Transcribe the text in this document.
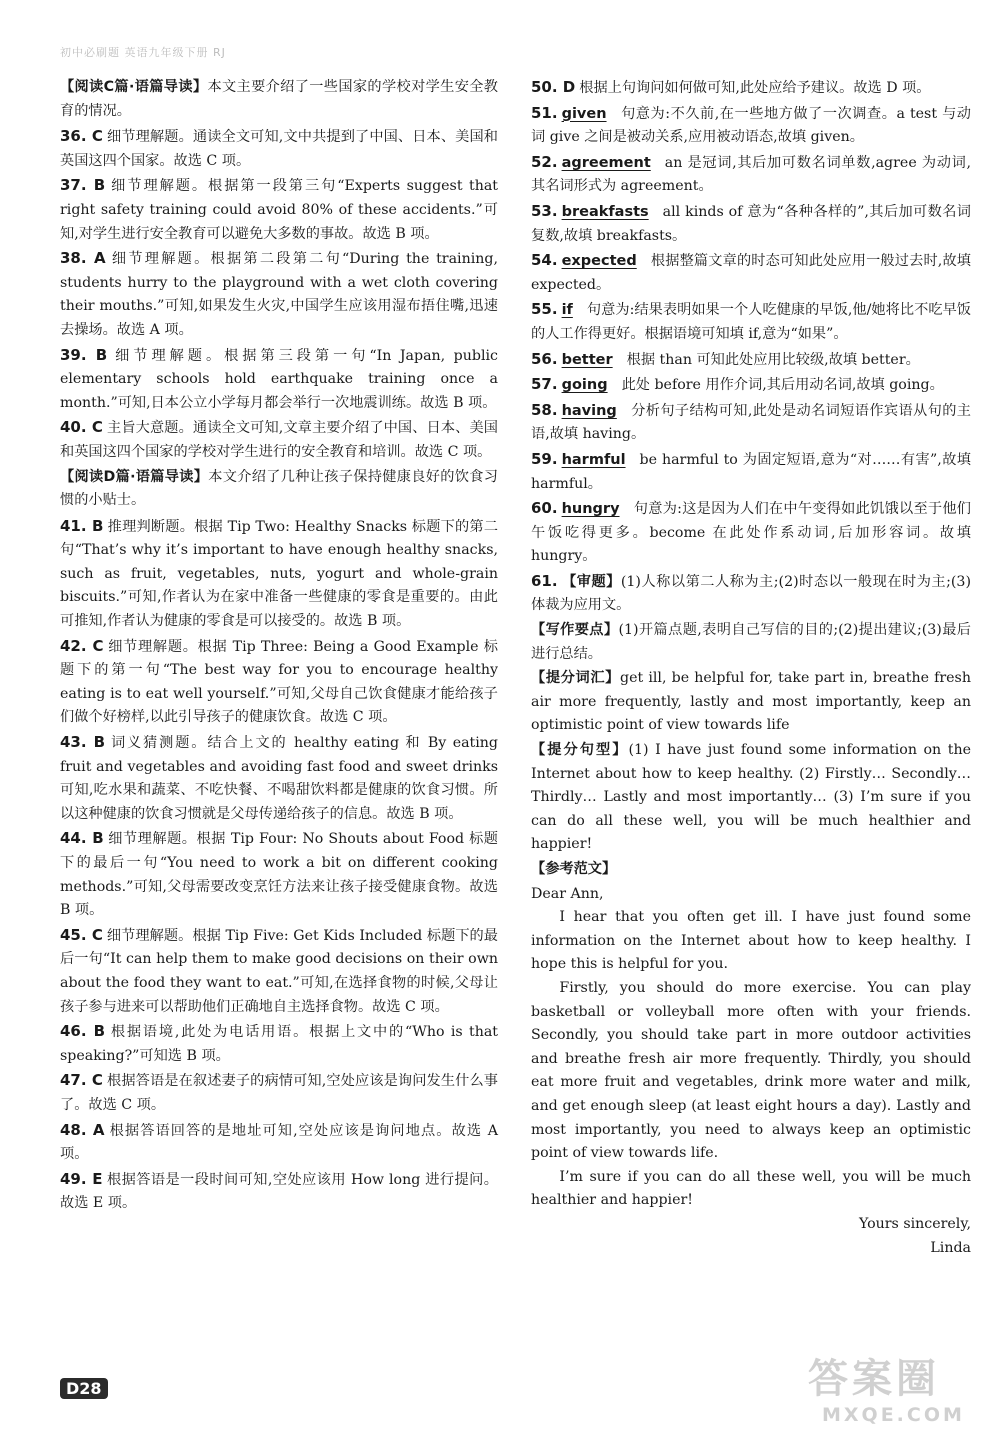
初中必刷题 英语九年级下册 RJ
【阅读C篇·语篇导读】本文主要介绍了一些国家的学校对学生安全教育的情况。
36. C 细节理解题。通读全文可知,文中共提到了中国、日本、美国和英国这四个国家。故选 C 项。
37. B 细节理解题。根据第一段第三句“Experts suggest that right safety training could avoid 80% of these accidents.”可知,对学生进行安全教育可以避免大多数的事故。故选 B 项。
38. A 细节理解题。根据第二段第二句“During the training, students hurry to the playground with a wet cloth covering their mouths.”可知,如果发生火灾,中国学生应该用湿布捂住嘴,迅速去操场。故选 A 项。
39. B 细节理解题。根据第三段第一句“In Japan, public elementary schools hold earthquake training once a month.”可知,日本公立小学每月都会举行一次地震训练。故选 B 项。
40. C 主旨大意题。通读全文可知,文章主要介绍了中国、日本、美国和英国这四个国家的学校对学生进行的安全教育和培训。故选 C 项。
【阅读D篇·语篇导读】本文介绍了几种让孩子保持健康良好的饮食习惯的小贴士。
41. B 推理判断题。根据 Tip Two: Healthy Snacks 标题下的第二句“That’s why it’s important to have enough healthy snacks, such as fruit, vegetables, nuts, yogurt and whole-grain biscuits.”可知,作者认为在家中准备一些健康的零食是重要的。由此可推知,作者认为健康的零食是可以接受的。故选 B 项。
42. C 细节理解题。根据 Tip Three: Being a Good Example 标题下的第一句“The best way for you to encourage healthy eating is to eat well yourself.”可知,父母自己饮食健康才能给孩子们做个好榜样,以此引导孩子的健康饮食。故选 C 项。
43. B 词义猜测题。结合上文的 healthy eating 和 By eating fruit and vegetables and avoiding fast food and sweet drinks 可知,吃水果和蔬菜、不吃快餐、不喝甜饮料都是健康的饮食习惯。所以这种健康的饮食习惯就是父母传递给孩子的信息。故选 B 项。
44. B 细节理解题。根据 Tip Four: No Shouts about Food 标题下的最后一句“You need to work a bit on different cooking methods.”可知,父母需要改变烹饪方法来让孩子接受健康食物。故选 B 项。
45. C 细节理解题。根据 Tip Five: Get Kids Included 标题下的最后一句“It can help them to make good decisions on their own about the food they want to eat.”可知,在选择食物的时候,父母让孩子参与进来可以帮助他们正确地自主选择食物。故选 C 项。
46. B 根据语境,此处为电话用语。根据上文中的“Who is that speaking?”可知选 B 项。
47. C 根据答语是在叙述妻子的病情可知,空处应该是询问发生什么事了。故选 C 项。
48. A 根据答语回答的是地址可知,空处应该是询问地点。故选 A 项。
49. E 根据答语是一段时间可知,空处应该用 How long 进行提问。故选 E 项。
50. D 根据上句询问如何做可知,此处应给予建议。故选 D 项。
51. given 句意为:不久前,在一些地方做了一次调查。a test 与动词 give 之间是被动关系,应用被动语态,故填 given。
52. agreement an 是冠词,其后加可数名词单数,agree 为动词,其名词形式为 agreement。
53. breakfasts all kinds of 意为“各种各样的”,其后加可数名词复数,故填 breakfasts。
54. expected 根据整篇文章的时态可知此处应用一般过去时,故填 expected。
55. if 句意为:结果表明如果一个人吃健康的早饭,他/她将比不吃早饭的人工作得更好。根据语境可知填 if,意为“如果”。
56. better 根据 than 可知此处应用比较级,故填 better。
57. going 此处 before 用作介词,其后用动名词,故填 going。
58. having 分析句子结构可知,此处是动名词短语作宾语从句的主语,故填 having。
59. harmful be harmful to 为固定短语,意为“对……有害”,故填 harmful。
60. hungry 句意为:这是因为人们在中午变得如此饥饿以至于他们午饭吃得更多。become 在此处作系动词,后加形容词。故填 hungry。
61. 【审题】(1)人称以第二人称为主;(2)时态以一般现在时为主;(3)体裁为应用文。
【写作要点】(1)开篇点题,表明自己写信的目的;(2)提出建议;(3)最后进行总结。
【提分词汇】get ill, be helpful for, take part in, breathe fresh air more frequently, lastly and most importantly, keep an optimistic point of view towards life
【提分句型】(1) I have just found some information on the Internet about how to keep healthy. (2) Firstly… Secondly… Thirdly… Lastly and most importantly… (3) I’m sure if you can do all these well, you will be much healthier and happier!
【参考范文】

Dear Ann,

I hear that you often get ill. I have just found some information on the Internet about how to keep healthy. I hope this is helpful for you.

Firstly, you should do more exercise. You can play basketball or volleyball more often with your friends. Secondly, you should take part in more outdoor activities and breathe fresh air more frequently. Thirdly, you should eat more fruit and vegetables, drink more water and milk, and get enough sleep (at least eight hours a day). Lastly and most importantly, you need to always keep an optimistic point of view towards life.

I’m sure if you can do all these well, you will be much healthier and happier!

Yours sincerely,

Linda

D28	答案圈
MXQE.COM
